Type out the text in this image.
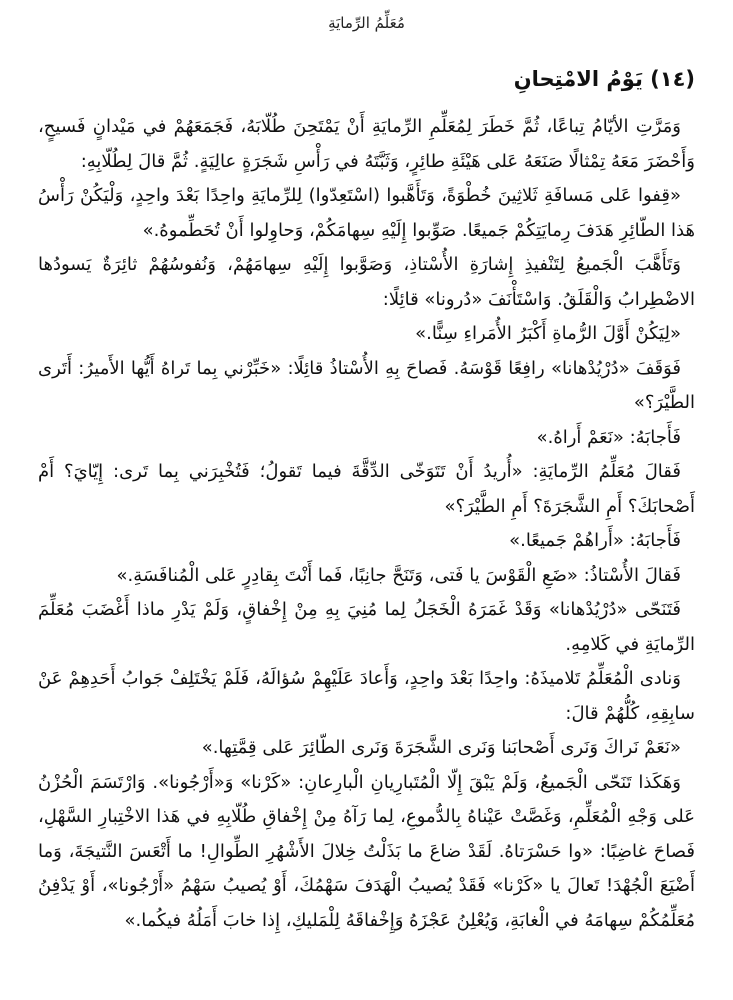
مُعَلِّمُ الرِّمايَةِ
(١٤) يَوْمُ الامْتِحانِ

وَمَرَّتِ الأيّامُ تِباعًا، ثُمَّ خَطَرَ لِمُعَلِّمِ الرِّمايَةِ أَنْ يَمْتَحِنَ طُلّابَهُ، فَجَمَعَهُمْ في مَيْدانٍ فَسيحٍ، وَأَحْضَرَ مَعَهُ تِمْثالًا صَنَعَهُ عَلى هَيْئَةِ طائِرٍ، وَثَبَّتَهُ في رَأْسِ شَجَرَةٍ عالِيَةٍ. ثُمَّ قالَ لِطُلّابِهِ:

«قِفوا عَلى مَسافَةِ ثَلاثِينَ خُطْوَةً، وَتَأَهَّبوا (اسْتَعِدّوا) لِلرِّمايَةِ واحِدًا بَعْدَ واحِدٍ، وَلْيَكُنْ رَأْسُ هَذا الطّائِرِ هَدَفَ رِمايَتِكُمْ جَميعًا. صَوِّبوا إِلَيْهِ سِهامَكُمْ، وَحاوِلوا أَنْ تُحَطِّموهُ.»

وَتَأَهَّبَ الْجَميعُ لِتَنْفيذِ إِشارَةِ الأُسْتاذِ، وَصَوَّبوا إِلَيْهِ سِهامَهُمْ، وَنُفوسُهُمْ ثائِرَةٌ يَسودُها الاضْطِرابُ وَالْقَلَقُ. وَاسْتَأْنَفَ «دُرونا» قائِلًا:

«لِيَكُنْ أَوَّلَ الرُّماةِ أَكْبَرُ الأُمَراءِ سِنًّا.»

فَوَقَفَ «دُرْيُدْهانا» رافِعًا قَوْسَهُ. فَصاحَ بِهِ الأُسْتاذُ قائِلًا: «خَبِّرْني بِما تَراهُ أَيُّها الأَميرُ: أَتَرى الطَّيْرَ؟»

فَأَجابَهُ: «نَعَمْ أَراهُ.»

فَقالَ مُعَلِّمُ الرِّمايَةِ: «أُريدُ أَنْ تَتَوَخّى الدِّقَّةَ فيما تَقولُ؛ فَتُخْبِرَني بِما تَرى: إِيّايَ؟ أَمْ أَصْحابَكَ؟ أَمِ الشَّجَرَةَ؟ أَمِ الطَّيْرَ؟»

فَأَجابَهُ: «أَراهُمْ جَميعًا.»

فَقالَ الأُسْتاذُ: «ضَعِ الْقَوْسَ يا فَتى، وَتَنَحَّ جانِبًا، فَما أَنْتَ بِقادِرٍ عَلى الْمُنافَسَةِ.»

فَتَنَحّى «دُرْيُدْهانا» وَقَدْ غَمَرَهُ الْخَجَلُ لِما مُنِيَ بِهِ مِنْ إِخْفاقٍ، وَلَمْ يَدْرِ ماذا أَغْضَبَ مُعَلِّمَ الرِّمايَةِ في كَلامِهِ.

وَنادى الْمُعَلِّمُ تَلاميذَهُ: واحِدًا بَعْدَ واحِدٍ، وَأَعادَ عَلَيْهِمْ سُؤالَهُ، فَلَمْ يَخْتَلِفْ جَوابُ أَحَدِهِمْ عَنْ سابِقِهِ، كُلُّهُمْ قالَ:

«نَعَمْ نَراكَ وَنَرى أَصْحابَنا وَنَرى الشَّجَرَةَ وَنَرى الطّائِرَ عَلى قِمَّتِها.»

وَهَكَذا تَنَحّى الْجَميعُ، وَلَمْ يَبْقَ إِلّا الْمُتَبارِيانِ الْبارِعانِ: «كَرْنا» وَ«أَرْجُونا». وَارْتَسَمَ الْحُزْنُ عَلى وَجْهِ الْمُعَلِّمِ، وَغَصَّتْ عَيْناهُ بِالدُّموعِ، لِما رَآهُ مِنْ إِخْفاقِ طُلّابِهِ في هَذا الاخْتِبارِ السَّهْلِ، فَصاحَ غاضِبًا: «وا حَسْرَتاهُ. لَقَدْ ضاعَ ما بَذَلْتُ خِلالَ الأَشْهُرِ الطِّوالِ! ما أَتْعَسَ النَّتيجَةَ، وَما أَضْيَعَ الْجُهْدَ! تَعالَ يا «كَرْنا» فَقَدْ يُصيبُ الْهَدَفَ سَهْمُكَ، أَوْ يُصيبُ سَهْمُ «أَرْجُونا»، أَوْ يَدْفِنُ مُعَلِّمُكُمْ سِهامَهُ في الْغابَةِ، وَيُعْلِنُ عَجْزَهُ وَإِخْفاقَهُ لِلْمَليكِ، إِذا خابَ أَمَلُهُ فيكُما.»
